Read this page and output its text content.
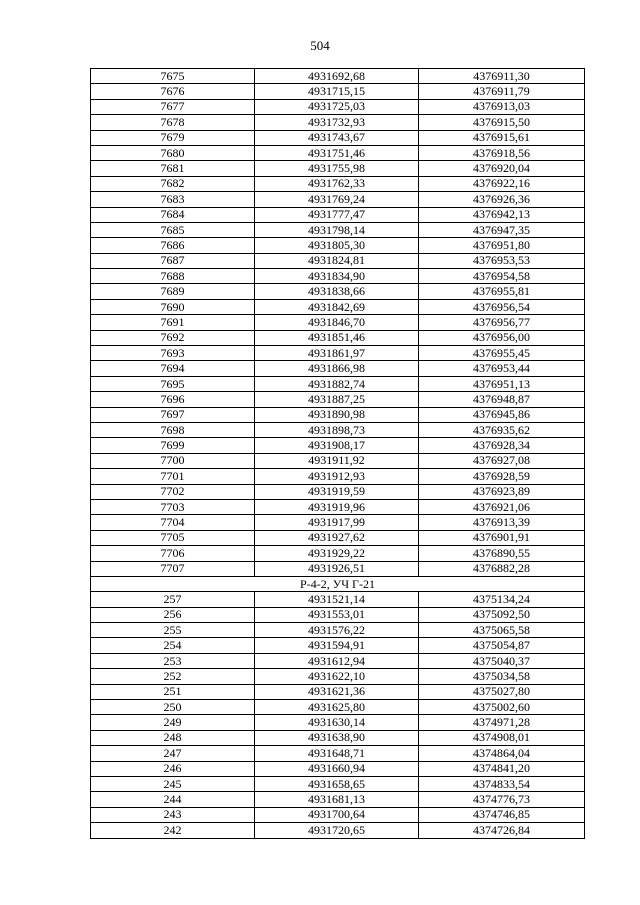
504
7675	4931692,68	4376911,30
7676	4931715,15	4376911,79
7677	4931725,03	4376913,03
7678	4931732,93	4376915,50
7679	4931743,67	4376915,61
7680	4931751,46	4376918,56
7681	4931755,98	4376920,04
7682	4931762,33	4376922,16
7683	4931769,24	4376926,36
7684	4931777,47	4376942,13
7685	4931798,14	4376947,35
7686	4931805,30	4376951,80
7687	4931824,81	4376953,53
7688	4931834,90	4376954,58
7689	4931838,66	4376955,81
7690	4931842,69	4376956,54
7691	4931846,70	4376956,77
7692	4931851,46	4376956,00
7693	4931861,97	4376955,45
7694	4931866,98	4376953,44
7695	4931882,74	4376951,13
7696	4931887,25	4376948,87
7697	4931890,98	4376945,86
7698	4931898,73	4376935,62
7699	4931908,17	4376928,34
7700	4931911,92	4376927,08
7701	4931912,93	4376928,59
7702	4931919,59	4376923,89
7703	4931919,96	4376921,06
7704	4931917,99	4376913,39
7705	4931927,62	4376901,91
7706	4931929,22	4376890,55
7707	4931926,51	4376882,28
Р-4-2, УЧ Г-21		
257	4931521,14	4375134,24
256	4931553,01	4375092,50
255	4931576,22	4375065,58
254	4931594,91	4375054,87
253	4931612,94	4375040,37
252	4931622,10	4375034,58
251	4931621,36	4375027,80
250	4931625,80	4375002,60
249	4931630,14	4374971,28
248	4931638,90	4374908,01
247	4931648,71	4374864,04
246	4931660,94	4374841,20
245	4931658,65	4374833,54
244	4931681,13	4374776,73
243	4931700,64	4374746,85
242	4931720,65	4374726,84
